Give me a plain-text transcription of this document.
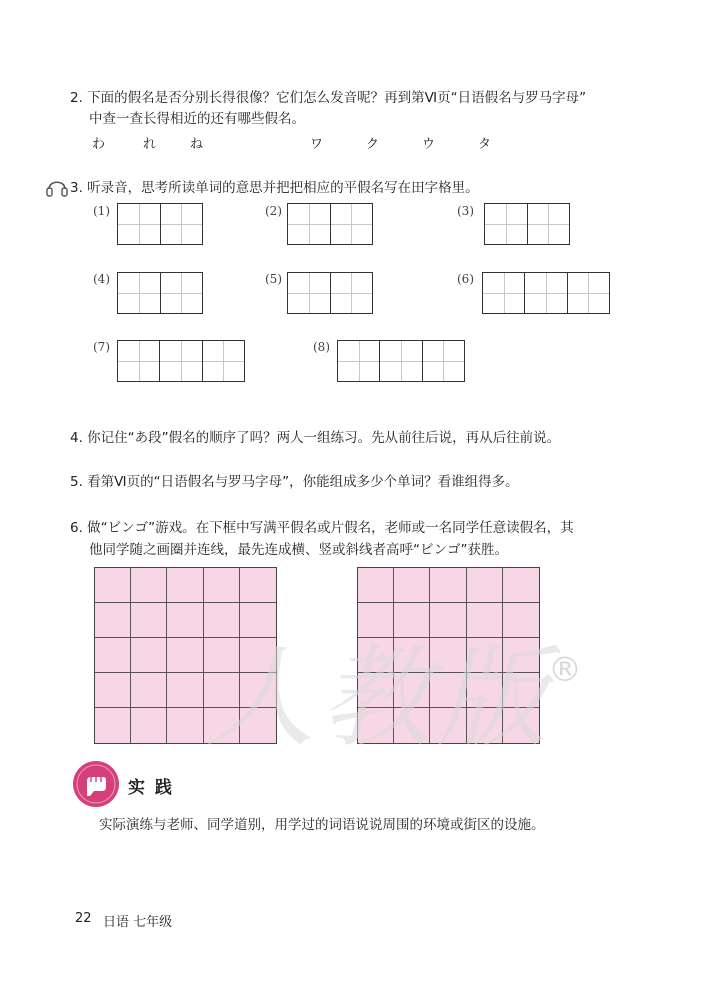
2. 下面的假名是否分别长得很像？它们怎么发音呢？再到第Ⅵ页“日语假名与罗马字母”
中查一查长得相近的还有哪些假名。
わ	れ	ね	ワ	ク	ウ	タ
3. 听录音，思考所读单词的意思并把把相应的平假名写在田字格里。
(1)	(2)	(3)
(4)	(5)	(6)
(7)	(8)
4. 你记住“あ段”假名的顺序了吗？两人一组练习。先从前往后说，再从后往前说。
5. 看第Ⅵ页的“日语假名与罗马字母”，你能组成多少个单词？看谁组得多。
6. 做“ビンゴ”游戏。在下框中写满平假名或片假名，老师或一名同学任意读假名，其
他同学随之画圈并连线，最先连成横、竖或斜线者高呼“ビンゴ”获胜。
人教版
®
实 践
实际演练与老师、同学道别，用学过的词语说说周围的环境或街区的设施。
22 日语 七年级
